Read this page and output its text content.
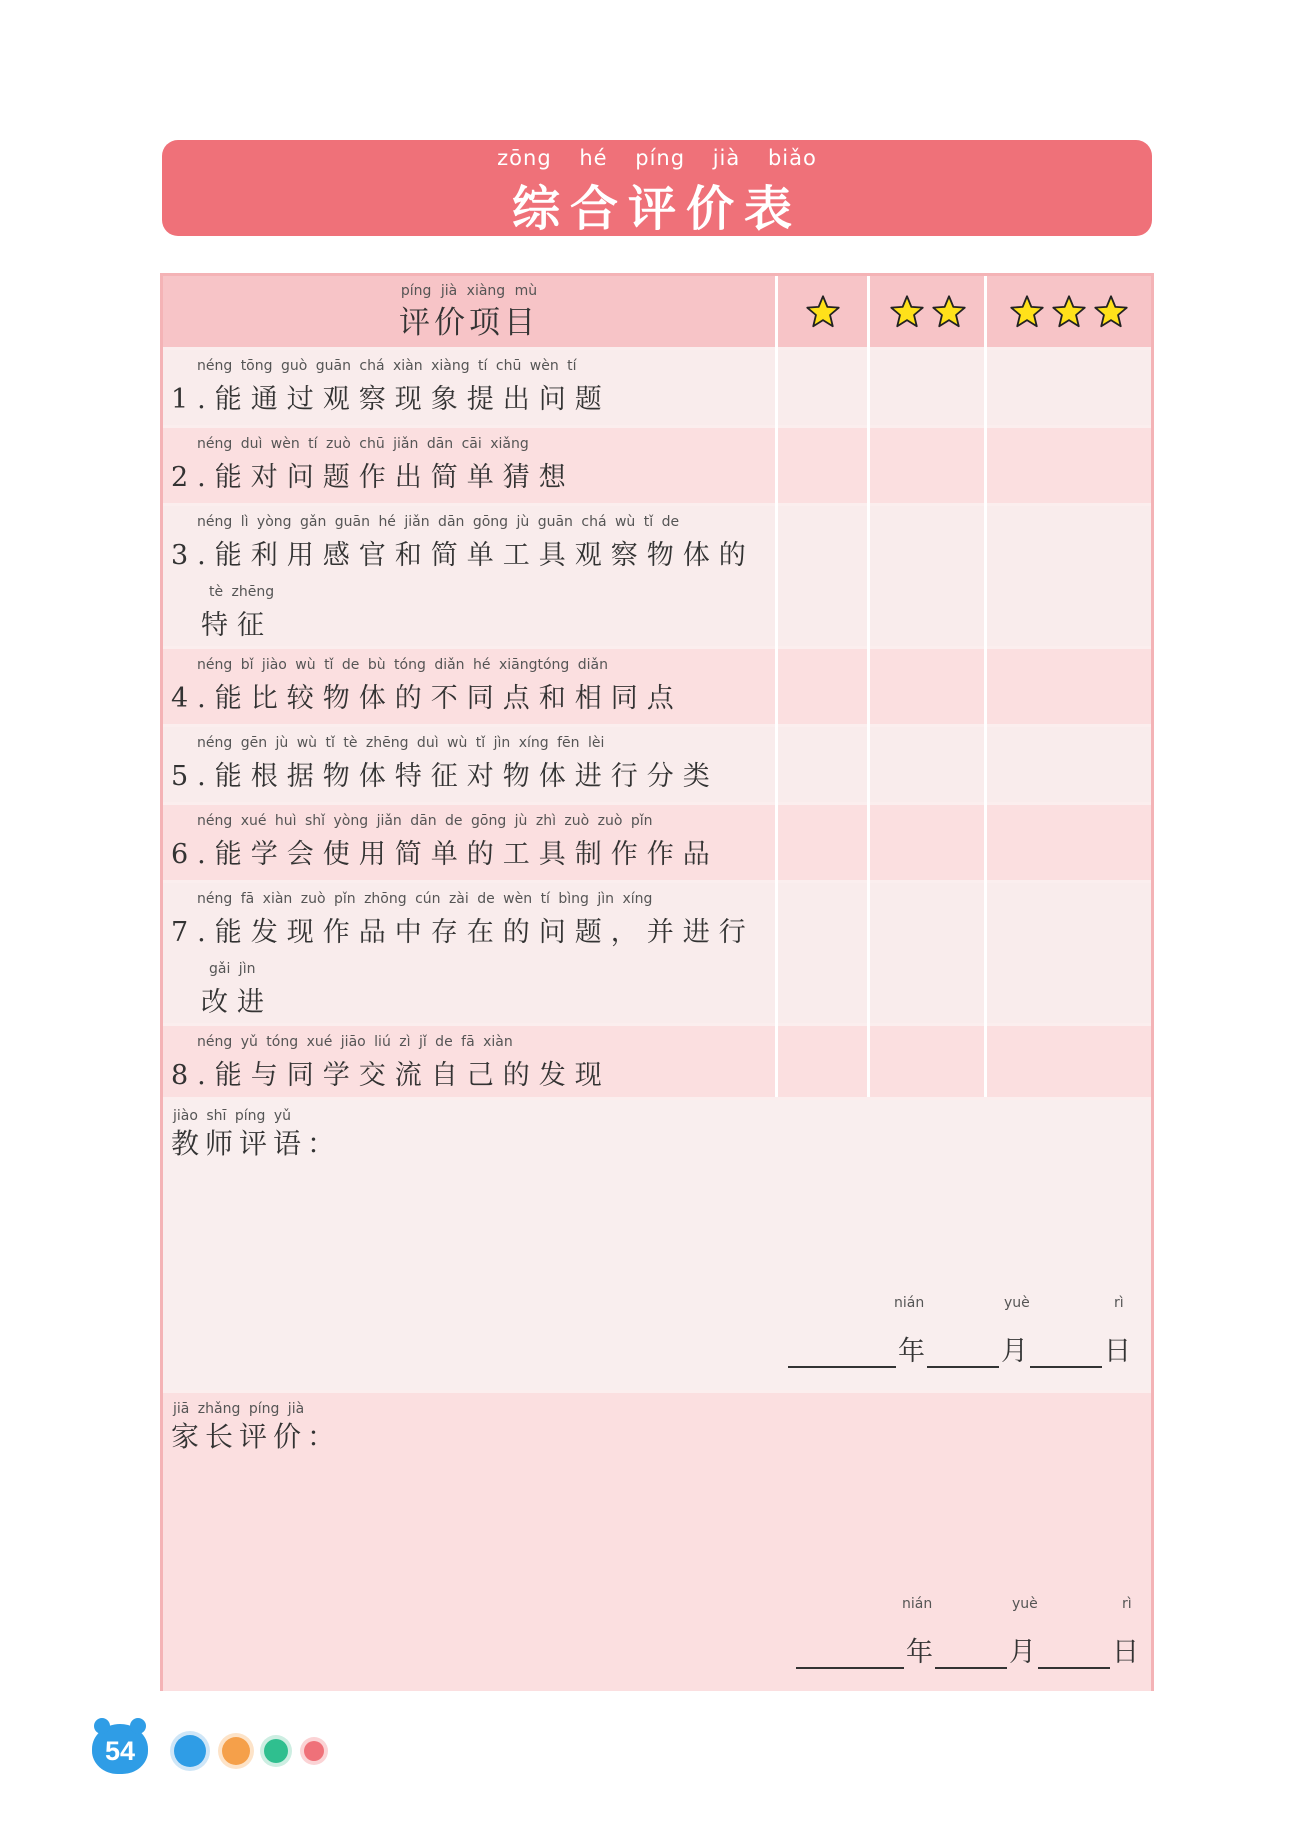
zōng hé píng jià biǎo
综合评价表
píng jià xiàng mù
评价项目
néng tōng guò guān chá xiàn xiàng tí chū wèn tí
1.能通过观察现象提出问题
néng duì wèn tí zuò chū jiǎn dān cāi xiǎng
2.能对问题作出简单猜想
néng lì yòng gǎn guān hé jiǎn dān gōng jù guān chá wù tǐ de
3.能利用感官和简单工具观察物体的
tè zhēng
特征
néng bǐ jiào wù tǐ de bù tóng diǎn hé xiāngtóng diǎn
4.能比较物体的不同点和相同点
néng gēn jù wù tǐ tè zhēng duì wù tǐ jìn xíng fēn lèi
5.能根据物体特征对物体进行分类
néng xué huì shǐ yòng jiǎn dān de gōng jù zhì zuò zuò pǐn
6.能学会使用简单的工具制作作品
néng fā xiàn zuò pǐn zhōng cún zài de wèn tí bìng jìn xíng
7.能发现作品中存在的问题，并进行
gǎi jìn
改进
néng yǔ tóng xué jiāo liú zì jǐ de fā xiàn
8.能与同学交流自己的发现
jiào shī píng yǔ
教师评语：
nián	yuè	rì
年	月	日
jiā zhǎng píng jià
家长评价：
nián	yuè	rì
年	月	日
54
